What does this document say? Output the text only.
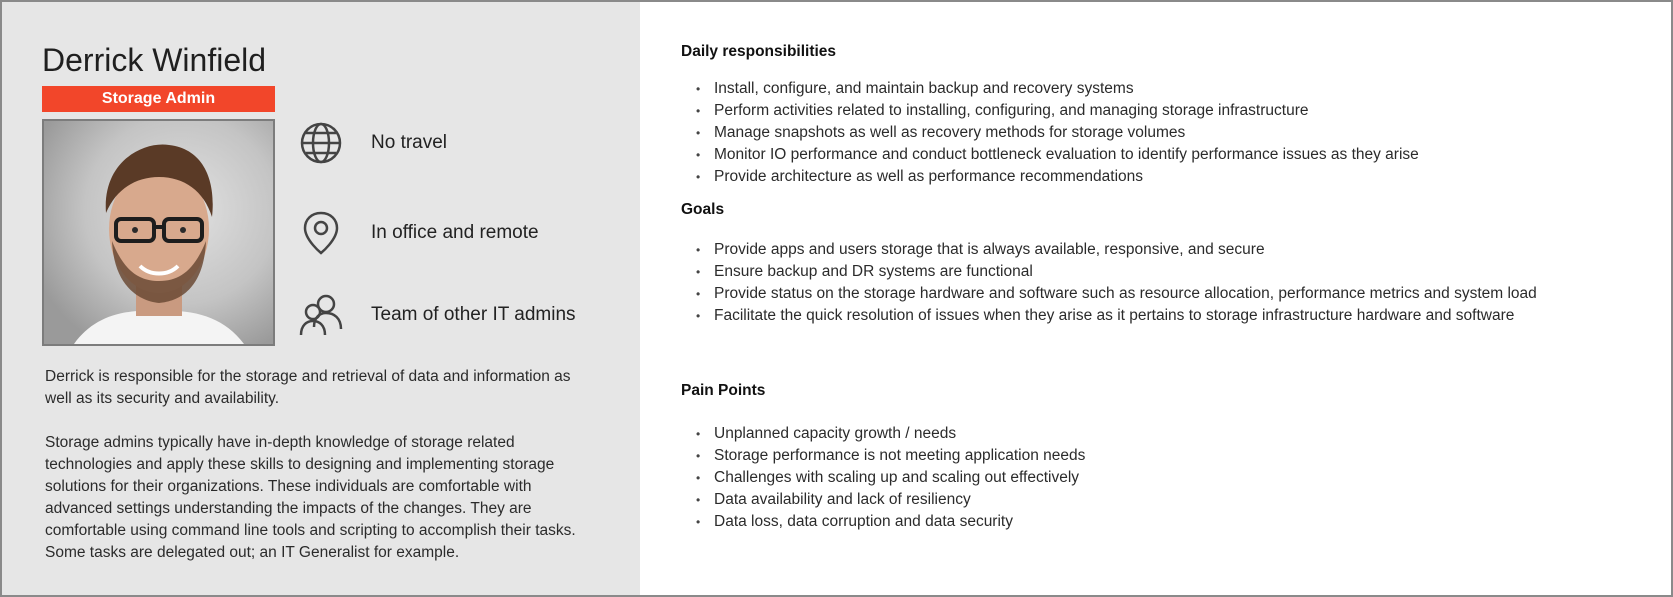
Derrick Winfield
Storage Admin
No travel
In office and remote
Team of other IT admins

Derrick is responsible for the storage and retrieval of data and information as well as its security and availability.

Storage admins typically have in-depth knowledge of storage related technologies and apply these skills to designing and implementing storage solutions for their organizations. These individuals are comfortable with advanced settings understanding the impacts of the changes. They are comfortable using command line tools and scripting to accomplish their tasks. Some tasks are delegated out; an IT Generalist for example.

Daily responsibilities
• Install, configure, and maintain backup and recovery systems
• Perform activities related to installing, configuring, and managing storage infrastructure
• Manage snapshots as well as recovery methods for storage volumes
• Monitor IO performance and conduct bottleneck evaluation to identify performance issues as they arise
• Provide architecture as well as performance recommendations
Goals
• Provide apps and users storage that is always available, responsive, and secure
• Ensure backup and DR systems are functional
• Provide status on the storage hardware and software such as resource allocation, performance metrics and system load
• Facilitate the quick resolution of issues when they arise as it pertains to storage infrastructure hardware and software
Pain Points
• Unplanned capacity growth / needs
• Storage performance is not meeting application needs
• Challenges with scaling up and scaling out effectively
• Data availability and lack of resiliency
• Data loss, data corruption and data security
